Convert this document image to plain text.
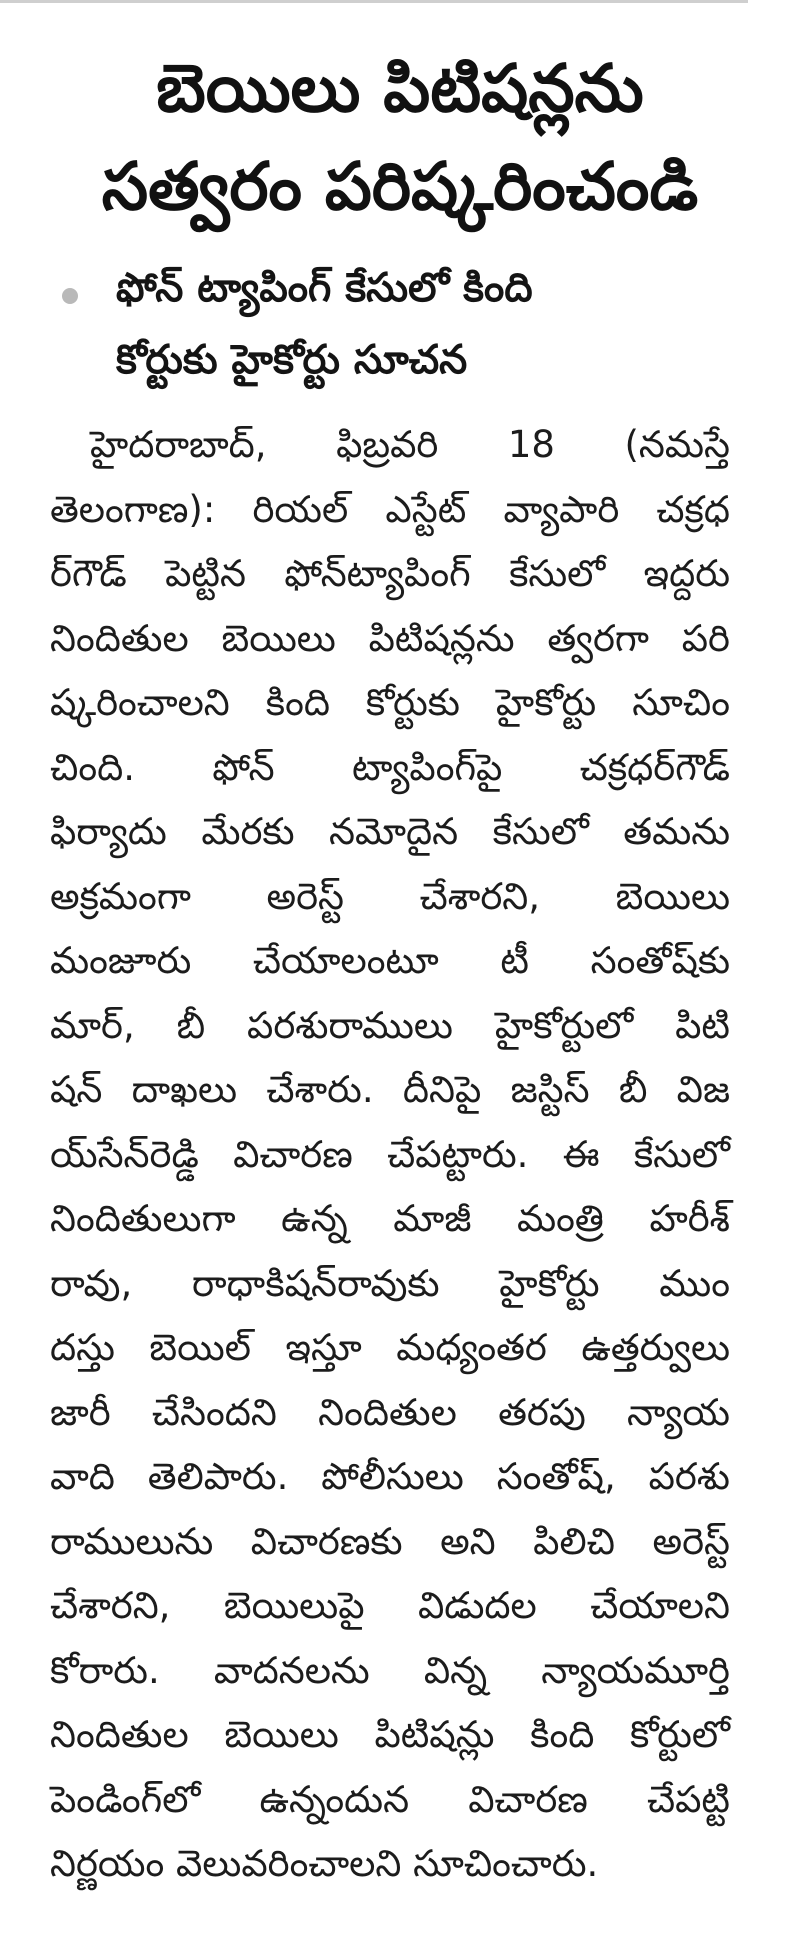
బెయిలు పిటిషన్లను
సత్వరం పరిష్కరించండి
ఫోన్ ట్యాపింగ్ కేసులో కింది
కోర్టుకు హైకోర్టు సూచన
హైదరాబాద్, ఫిబ్రవరి 18 (నమస్తే
తెలంగాణ): రియల్ ఎస్టేట్ వ్యాపారి చక్రధ
ర్‌గౌడ్ పెట్టిన ఫోన్‌ట్యాపింగ్ కేసులో ఇద్దరు
నిందితుల బెయిలు పిటిషన్లను త్వరగా పరి
ష్కరించాలని కింది కోర్టుకు హైకోర్టు సూచిం
చింది. ఫోన్ ట్యాపింగ్‌పై చక్రధర్‌గౌడ్
ఫిర్యాదు మేరకు నమోదైన కేసులో తమను
అక్రమంగా అరెస్ట్ చేశారని, బెయిలు
మంజూరు చేయాలంటూ టీ సంతోష్‌కు
మార్, బీ పరశురాములు హైకోర్టులో పిటి
షన్ దాఖలు చేశారు. దీనిపై జస్టిస్ బీ విజ
య్‌సేన్‌రెడ్డి విచారణ చేపట్టారు. ఈ కేసులో
నిందితులుగా ఉన్న మాజీ మంత్రి హరీశ్
రావు, రాధాకిషన్‌రావుకు హైకోర్టు ముం
దస్తు బెయిల్ ఇస్తూ మధ్యంతర ఉత్తర్వులు
జారీ చేసిందని నిందితుల తరపు న్యాయ
వాది తెలిపారు. పోలీసులు సంతోష్, పరశు
రాములును విచారణకు అని పిలిచి అరెస్ట్
చేశారని, బెయిలుపై విడుదల చేయాలని
కోరారు. వాదనలను విన్న న్యాయమూర్తి
నిందితుల బెయిలు పిటిషన్లు కింది కోర్టులో
పెండింగ్‌లో ఉన్నందున విచారణ చేపట్టి
నిర్ణయం వెలువరించాలని సూచించారు.
